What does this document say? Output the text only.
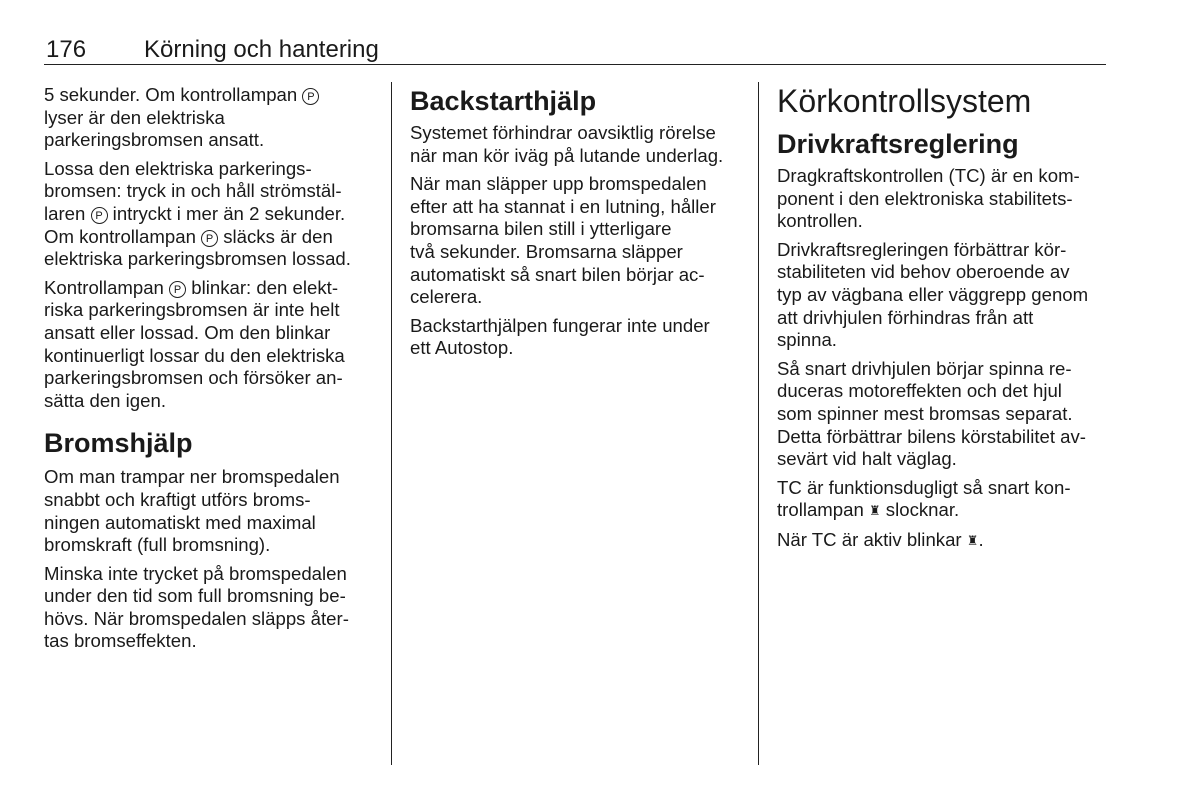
176 Körning och hantering

5 sekunder. Om kontrollampan P
lyser är den elektriska
parkeringsbromsen ansatt.

Lossa den elektriska parkerings-
bromsen: tryck in och håll strömstäl-
laren P intryckt i mer än 2 sekunder.
Om kontrollampan P släcks är den
elektriska parkeringsbromsen lossad.

Kontrollampan P blinkar: den elekt-
riska parkeringsbromsen är inte helt
ansatt eller lossad. Om den blinkar
kontinuerligt lossar du den elektriska
parkeringsbromsen och försöker an-
sätta den igen.

Bromshjälp

Om man trampar ner bromspedalen
snabbt och kraftigt utförs broms-
ningen automatiskt med maximal
bromskraft (full bromsning).

Minska inte trycket på bromspedalen
under den tid som full bromsning be-
hövs. När bromspedalen släpps åter-
tas bromseffekten.

Backstarthjälp

Systemet förhindrar oavsiktlig rörelse
när man kör iväg på lutande underlag.

När man släpper upp bromspedalen
efter att ha stannat i en lutning, håller
bromsarna bilen still i ytterligare
två sekunder. Bromsarna släpper
automatiskt så snart bilen börjar ac-
celerera.

Backstarthjälpen fungerar inte under
ett Autostop.

Körkontrollsystem
Drivkraftsreglering

Dragkraftskontrollen (TC) är en kom-
ponent i den elektroniska stabilitets-
kontrollen.

Drivkraftsregleringen förbättrar kör-
stabiliteten vid behov oberoende av
typ av vägbana eller väggrepp genom
att drivhjulen förhindras från att
spinna.

Så snart drivhjulen börjar spinna re-
duceras motoreffekten och det hjul
som spinner mest bromsas separat.
Detta förbättrar bilens körstabilitet av-
sevärt vid halt väglag.

TC är funktionsdugligt så snart kon-
trollampan ♜ slocknar.

När TC är aktiv blinkar ♜.
